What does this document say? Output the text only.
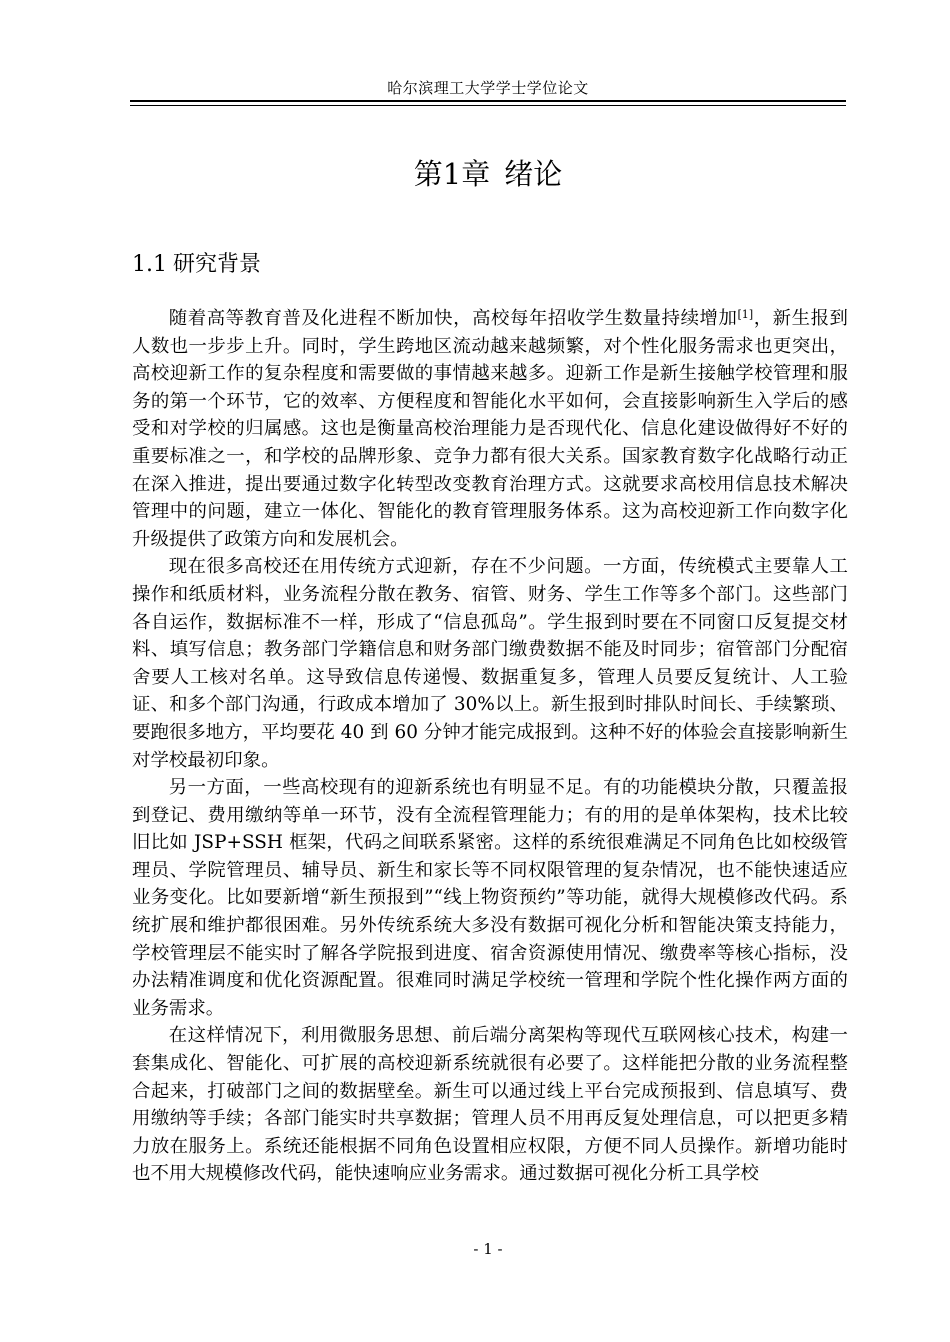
哈尔滨理工大学学士学位论文
第1章 绪论
1.1 研究背景

随着高等教育普及化进程不断加快，高校每年招收学生数量持续增加[1]，新生报到人数也一步步上升。同时，学生跨地区流动越来越频繁，对个性化服务需求也更突出，高校迎新工作的复杂程度和需要做的事情越来越多。迎新工作是新生接触学校管理和服务的第一个环节，它的效率、方便程度和智能化水平如何，会直接影响新生入学后的感受和对学校的归属感。这也是衡量高校治理能力是否现代化、信息化建设做得好不好的重要标准之一，和学校的品牌形象、竞争力都有很大关系。国家教育数字化战略行动正在深入推进，提出要通过数字化转型改变教育治理方式。这就要求高校用信息技术解决管理中的问题，建立一体化、智能化的教育管理服务体系。这为高校迎新工作向数字化升级提供了政策方向和发展机会。

现在很多高校还在用传统方式迎新，存在不少问题。一方面，传统模式主要靠人工操作和纸质材料，业务流程分散在教务、宿管、财务、学生工作等多个部门。这些部门各自运作，数据标准不一样，形成了“信息孤岛”。学生报到时要在不同窗口反复提交材料、填写信息；教务部门学籍信息和财务部门缴费数据不能及时同步；宿管部门分配宿舍要人工核对名单。这导致信息传递慢、数据重复多，管理人员要反复统计、人工验证、和多个部门沟通，行政成本增加了 30%以上。新生报到时排队时间长、手续繁琐、要跑很多地方，平均要花 40 到 60 分钟才能完成报到。这种不好的体验会直接影响新生对学校最初印象。

另一方面，一些高校现有的迎新系统也有明显不足。有的功能模块分散，只覆盖报到登记、费用缴纳等单一环节，没有全流程管理能力；有的用的是单体架构，技术比较旧比如 JSP+SSH 框架，代码之间联系紧密。这样的系统很难满足不同角色比如校级管理员、学院管理员、辅导员、新生和家长等不同权限管理的复杂情况，也不能快速适应业务变化。比如要新增“新生预报到”“线上物资预约”等功能，就得大规模修改代码。系统扩展和维护都很困难。另外传统系统大多没有数据可视化分析和智能决策支持能力，学校管理层不能实时了解各学院报到进度、宿舍资源使用情况、缴费率等核心指标，没办法精准调度和优化资源配置。很难同时满足学校统一管理和学院个性化操作两方面的业务需求。

在这样情况下，利用微服务思想、前后端分离架构等现代互联网核心技术，构建一套集成化、智能化、可扩展的高校迎新系统就很有必要了。这样能把分散的业务流程整合起来，打破部门之间的数据壁垒。新生可以通过线上平台完成预报到、信息填写、费用缴纳等手续；各部门能实时共享数据；管理人员不用再反复处理信息，可以把更多精力放在服务上。系统还能根据不同角色设置相应权限，方便不同人员操作。新增功能时也不用大规模修改代码，能快速响应业务需求。通过数据可视化分析工具学校

- 1 -
